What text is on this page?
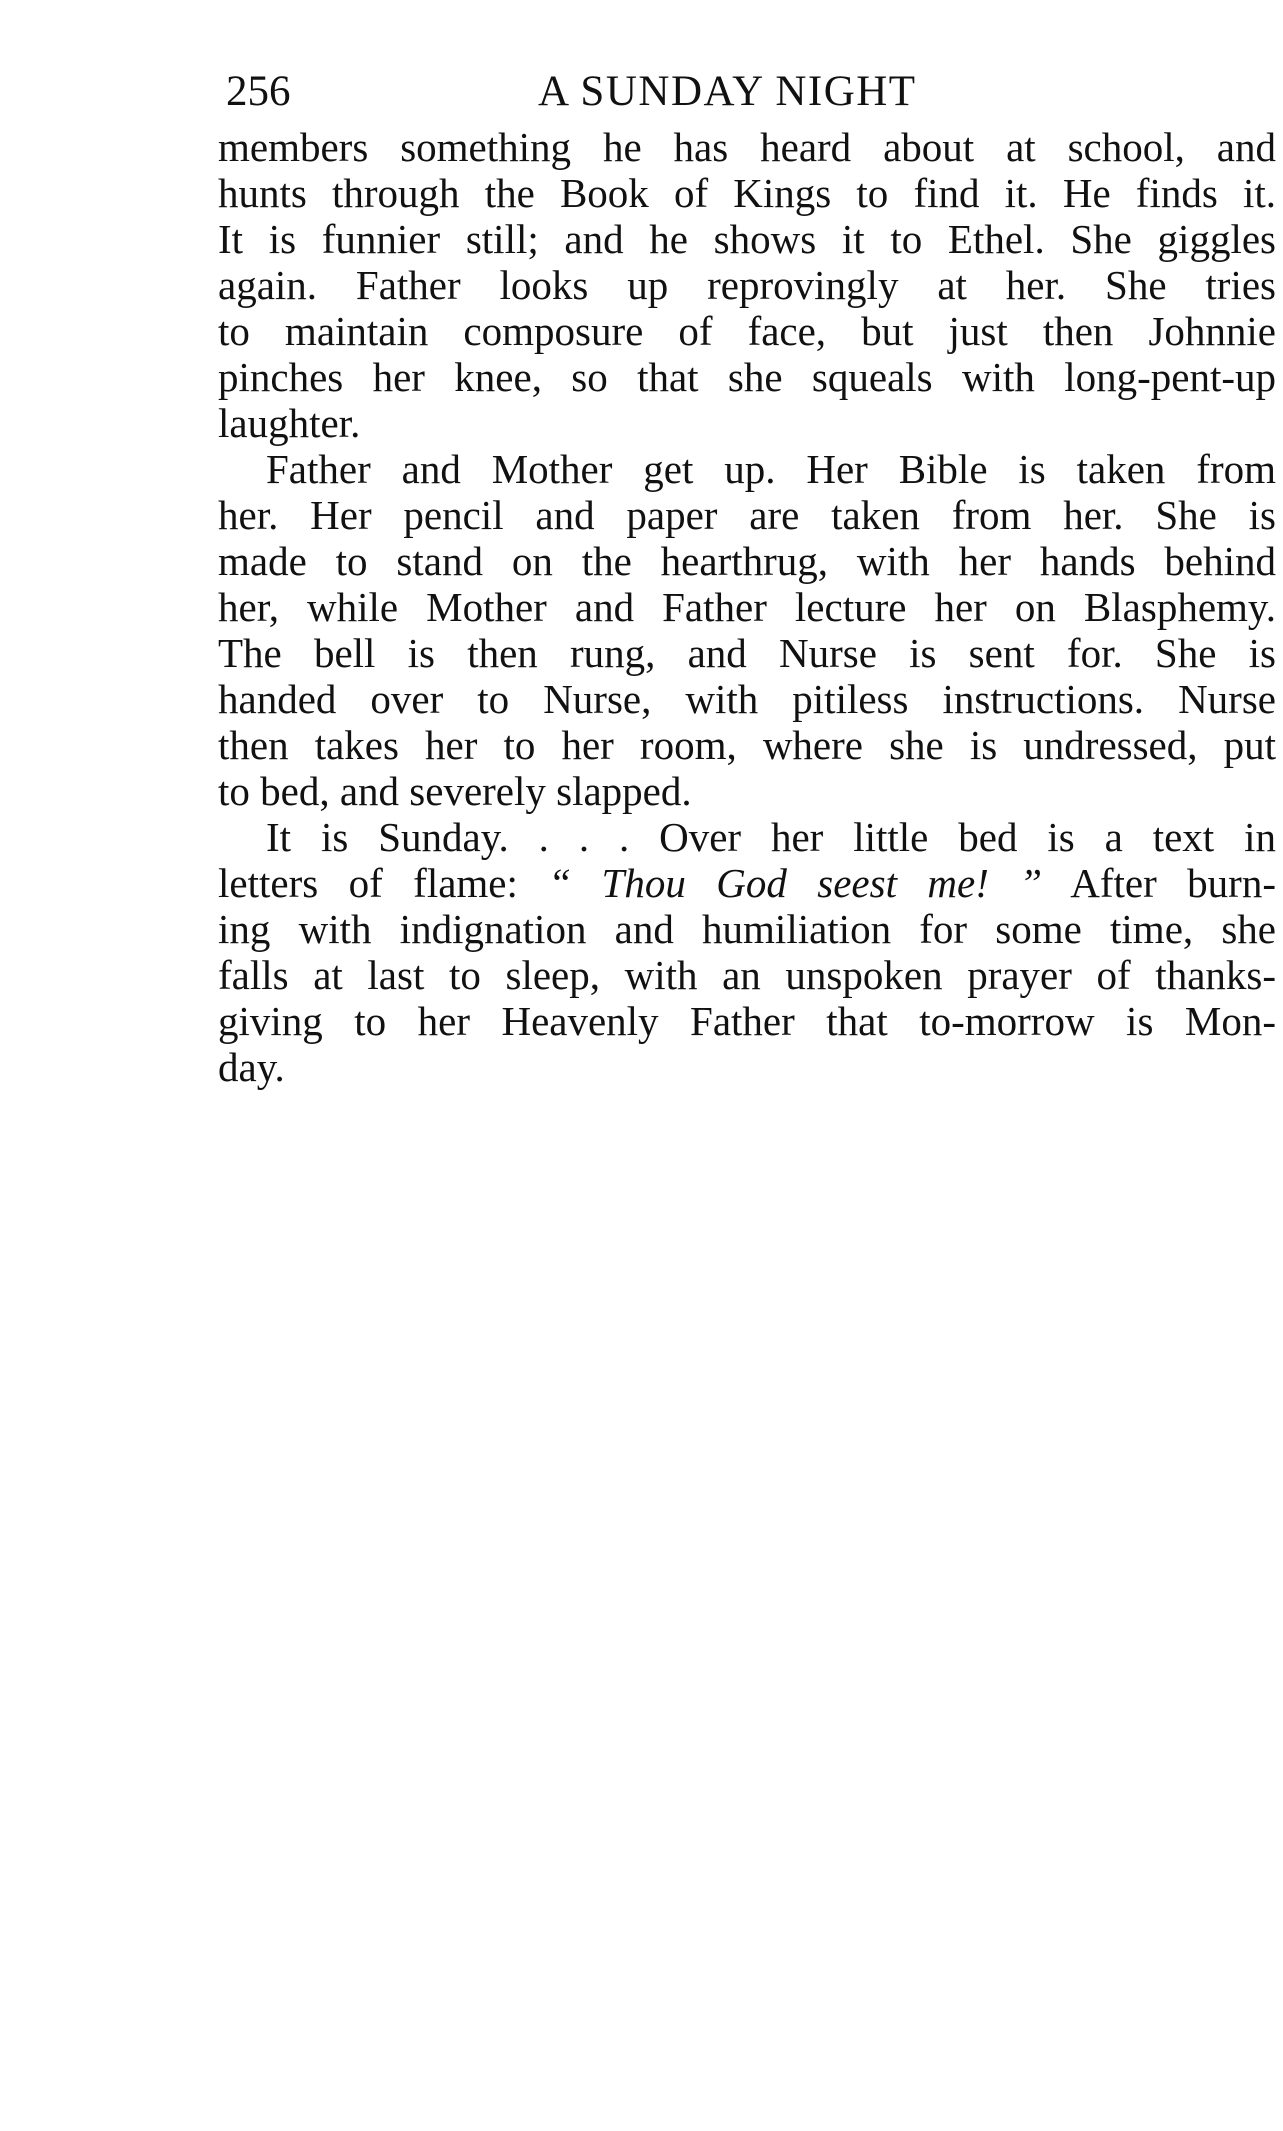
256	A SUNDAY NIGHT

members something he has heard about at school, and
hunts through the Book of Kings to find it. He finds it.
It is funnier still; and he shows it to Ethel. She giggles
again. Father looks up reprovingly at her. She tries
to maintain composure of face, but just then Johnnie
pinches her knee, so that she squeals with long-pent-up
laughter.

Father and Mother get up. Her Bible is taken from
her. Her pencil and paper are taken from her. She is
made to stand on the hearthrug, with her hands behind
her, while Mother and Father lecture her on Blasphemy.
The bell is then rung, and Nurse is sent for. She is
handed over to Nurse, with pitiless instructions. Nurse
then takes her to her room, where she is undressed, put
to bed, and severely slapped.

It is Sunday. . . . Over her little bed is a text in
letters of flame: “ Thou God seest me! ” After burn-
ing with indignation and humiliation for some time, she
falls at last to sleep, with an unspoken prayer of thanks-
giving to her Heavenly Father that to-morrow is Mon-
day.
